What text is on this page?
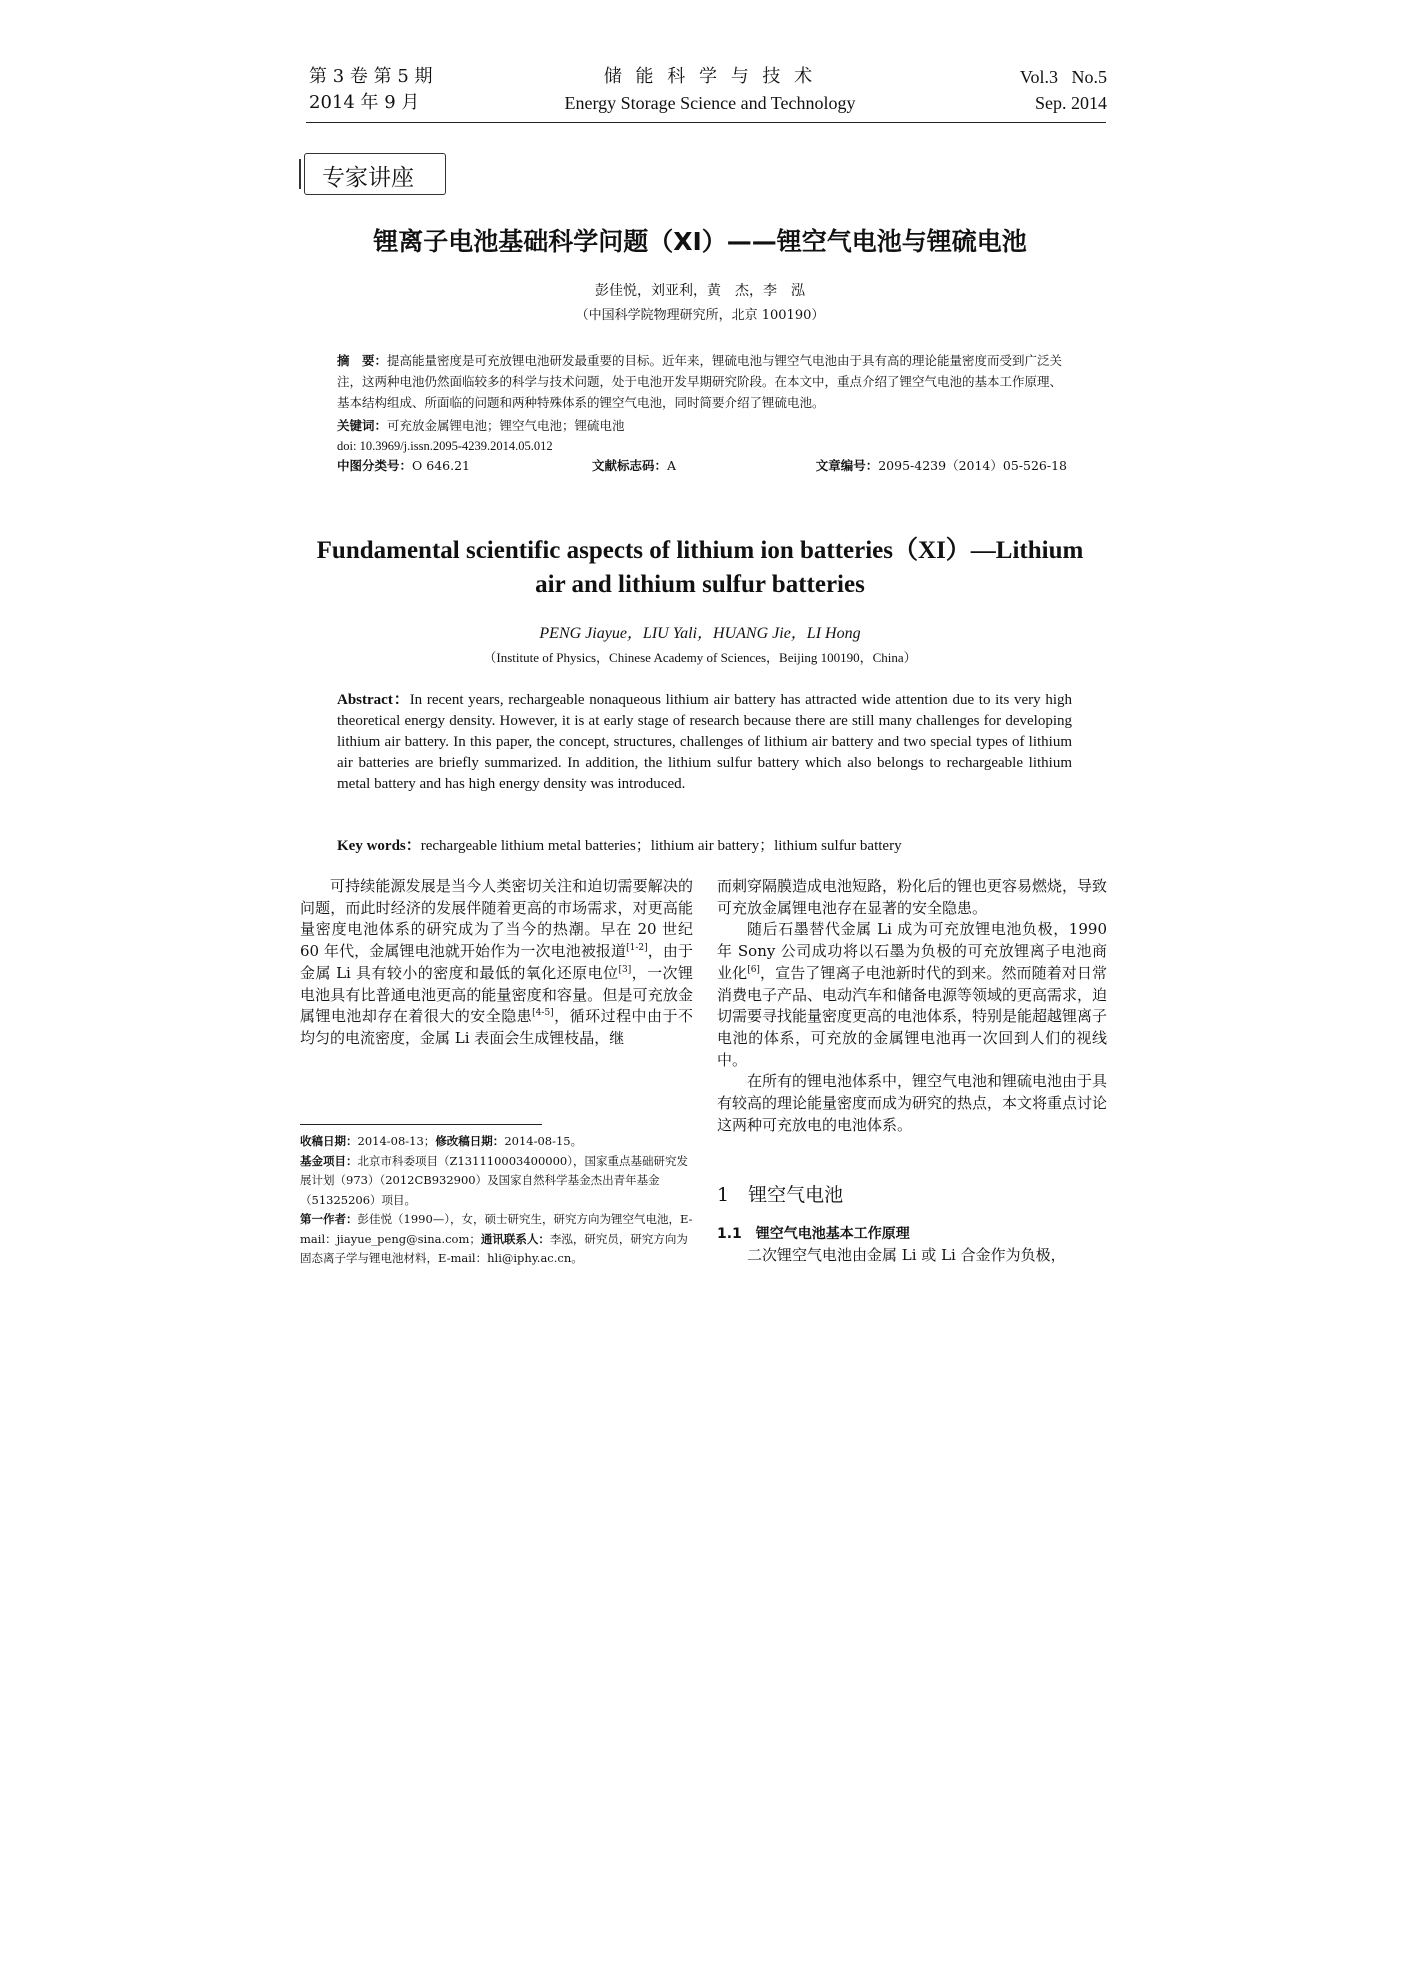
第 3 卷 第 5 期
2014 年 9 月
储 能 科 学 与 技 术
Energy Storage Science and Technology
Vol.3   No.5
Sep. 2014
专家讲座
锂离子电池基础科学问题（XI）——锂空气电池与锂硫电池
彭佳悦，刘亚利，黄　杰，李　泓
（中国科学院物理研究所，北京 100190）
摘　要：提高能量密度是可充放锂电池研发最重要的目标。近年来，锂硫电池与锂空气电池由于具有高的理论能量密度而受到广泛关注，这两种电池仍然面临较多的科学与技术问题，处于电池开发早期研究阶段。在本文中，重点介绍了锂空气电池的基本工作原理、基本结构组成、所面临的问题和两种特殊体系的锂空气电池，同时简要介绍了锂硫电池。
关键词：可充放金属锂电池；锂空气电池；锂硫电池
doi: 10.3969/j.issn.2095-4239.2014.05.012
中图分类号：O 646.21	文献标志码：A	文章编号：2095-4239（2014）05-526-18
Fundamental scientific aspects of lithium ion batteries（XI）—Lithium
air and lithium sulfur batteries
PENG Jiayue，LIU Yali，HUANG Jie，LI Hong
（Institute of Physics，Chinese Academy of Sciences，Beijing 100190，China）
Abstract：In recent years, rechargeable nonaqueous lithium air battery has attracted wide attention due to its very high theoretical energy density. However, it is at early stage of research because there are still many challenges for developing lithium air battery. In this paper, the concept, structures, challenges of lithium air battery and two special types of lithium air batteries are briefly summarized. In addition, the lithium sulfur battery which also belongs to rechargeable lithium metal battery and has high energy density was introduced.
Key words：rechargeable lithium metal batteries；lithium air battery；lithium sulfur battery

可持续能源发展是当今人类密切关注和迫切需要解决的问题，而此时经济的发展伴随着更高的市场需求，对更高能量密度电池体系的研究成为了当今的热潮。早在 20 世纪 60 年代，金属锂电池就开始作为一次电池被报道[1-2]，由于金属 Li 具有较小的密度和最低的氧化还原电位[3]，一次锂电池具有比普通电池更高的能量密度和容量。但是可充放金属锂电池却存在着很大的安全隐患[4-5]，循环过程中由于不均匀的电流密度，金属 Li 表面会生成锂枝晶，继

收稿日期：2014-08-13；修改稿日期：2014-08-15。

基金项目：北京市科委项目（Z131110003400000），国家重点基础研究发展计划（973）（2012CB932900）及国家自然科学基金杰出青年基金（51325206）项目。

第一作者：彭佳悦（1990—），女，硕士研究生，研究方向为锂空气电池，E-mail：jiayue_peng@sina.com；通讯联系人：李泓，研究员，研究方向为固态离子学与锂电池材料，E-mail：hli@iphy.ac.cn。

而刺穿隔膜造成电池短路，粉化后的锂也更容易燃烧，导致可充放金属锂电池存在显著的安全隐患。

随后石墨替代金属 Li 成为可充放锂电池负极，1990 年 Sony 公司成功将以石墨为负极的可充放锂离子电池商业化[6]，宣告了锂离子电池新时代的到来。然而随着对日常消费电子产品、电动汽车和储备电源等领域的更高需求，迫切需要寻找能量密度更高的电池体系，特别是能超越锂离子电池的体系，可充放的金属锂电池再一次回到人们的视线中。

在所有的锂电池体系中，锂空气电池和锂硫电池由于具有较高的理论能量密度而成为研究的热点，本文将重点讨论这两种可充放电的电池体系。

1　锂空气电池
1.1　锂空气电池基本工作原理
二次锂空气电池由金属 Li 或 Li 合金作为负极，
